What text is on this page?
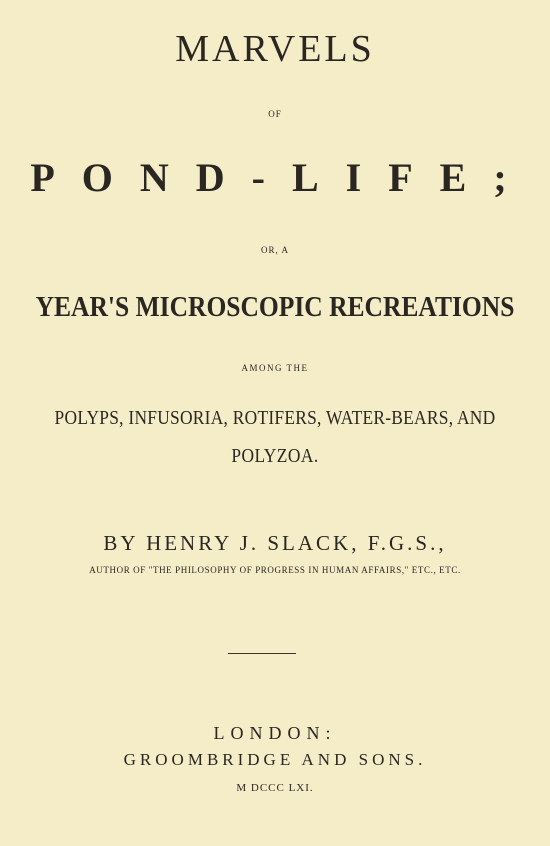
MARVELS

OF

POND-LIFE;

OR, A

YEAR'S MICROSCOPIC RECREATIONS

AMONG THE

POLYPS, INFUSORIA, ROTIFERS, WATER-BEARS, AND

POLYZOA.

BY HENRY J. SLACK, F.G.S.,

AUTHOR OF "THE PHILOSOPHY OF PROGRESS IN HUMAN AFFAIRS," ETC., ETC.

LONDON:

GROOMBRIDGE AND SONS.

M DCCC LXI.
